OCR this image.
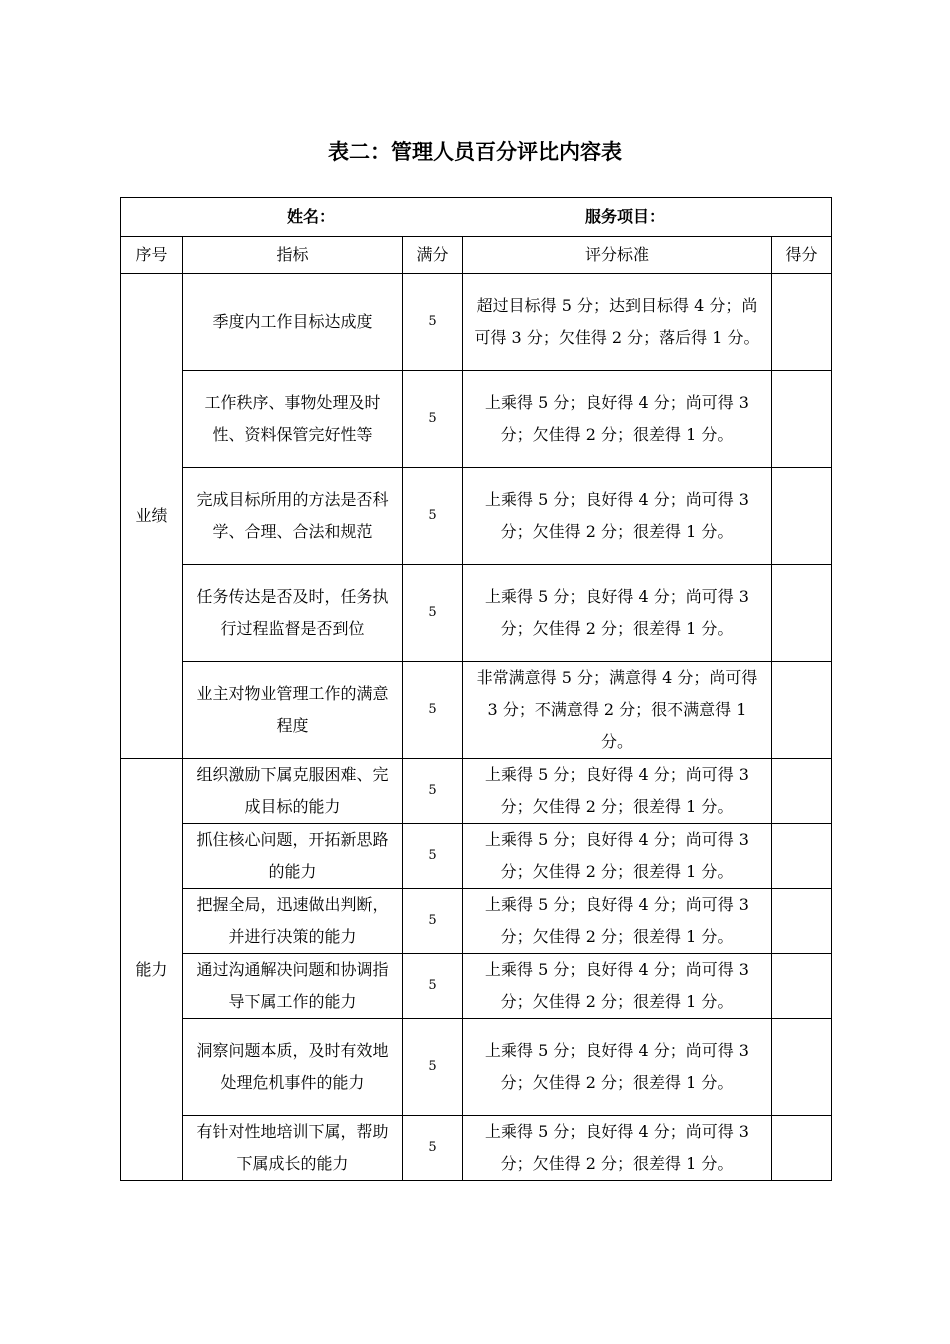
表二：管理人员百分评比内容表
姓名： 服务项目：				
序号	指标	满分	评分标准	得分
业绩	季度内工作目标达成度	5	超过目标得 5 分；达到目标得 4 分；尚可得 3 分；欠佳得 2 分；落后得 1 分。	
	工作秩序、事物处理及时性、资料保管完好性等	5	上乘得 5 分；良好得 4 分；尚可得 3 分；欠佳得 2 分；很差得 1 分。	
	完成目标所用的方法是否科学、合理、合法和规范	5	上乘得 5 分；良好得 4 分；尚可得 3 分；欠佳得 2 分；很差得 1 分。	
	任务传达是否及时，任务执行过程监督是否到位	5	上乘得 5 分；良好得 4 分；尚可得 3 分；欠佳得 2 分；很差得 1 分。	
	业主对物业管理工作的满意程度	5	非常满意得 5 分；满意得 4 分；尚可得 3 分；不满意得 2 分；很不满意得 1 分。	
能力	组织激励下属克服困难、完成目标的能力	5	上乘得 5 分；良好得 4 分；尚可得 3 分；欠佳得 2 分；很差得 1 分。	
	抓住核心问题，开拓新思路的能力	5	上乘得 5 分；良好得 4 分；尚可得 3 分；欠佳得 2 分；很差得 1 分。	
	把握全局，迅速做出判断，并进行决策的能力	5	上乘得 5 分；良好得 4 分；尚可得 3 分；欠佳得 2 分；很差得 1 分。	
	通过沟通解决问题和协调指导下属工作的能力	5	上乘得 5 分；良好得 4 分；尚可得 3 分；欠佳得 2 分；很差得 1 分。	
	洞察问题本质，及时有效地处理危机事件的能力	5	上乘得 5 分；良好得 4 分；尚可得 3 分；欠佳得 2 分；很差得 1 分。	
	有针对性地培训下属，帮助下属成长的能力	5	上乘得 5 分；良好得 4 分；尚可得 3 分；欠佳得 2 分；很差得 1 分。	
